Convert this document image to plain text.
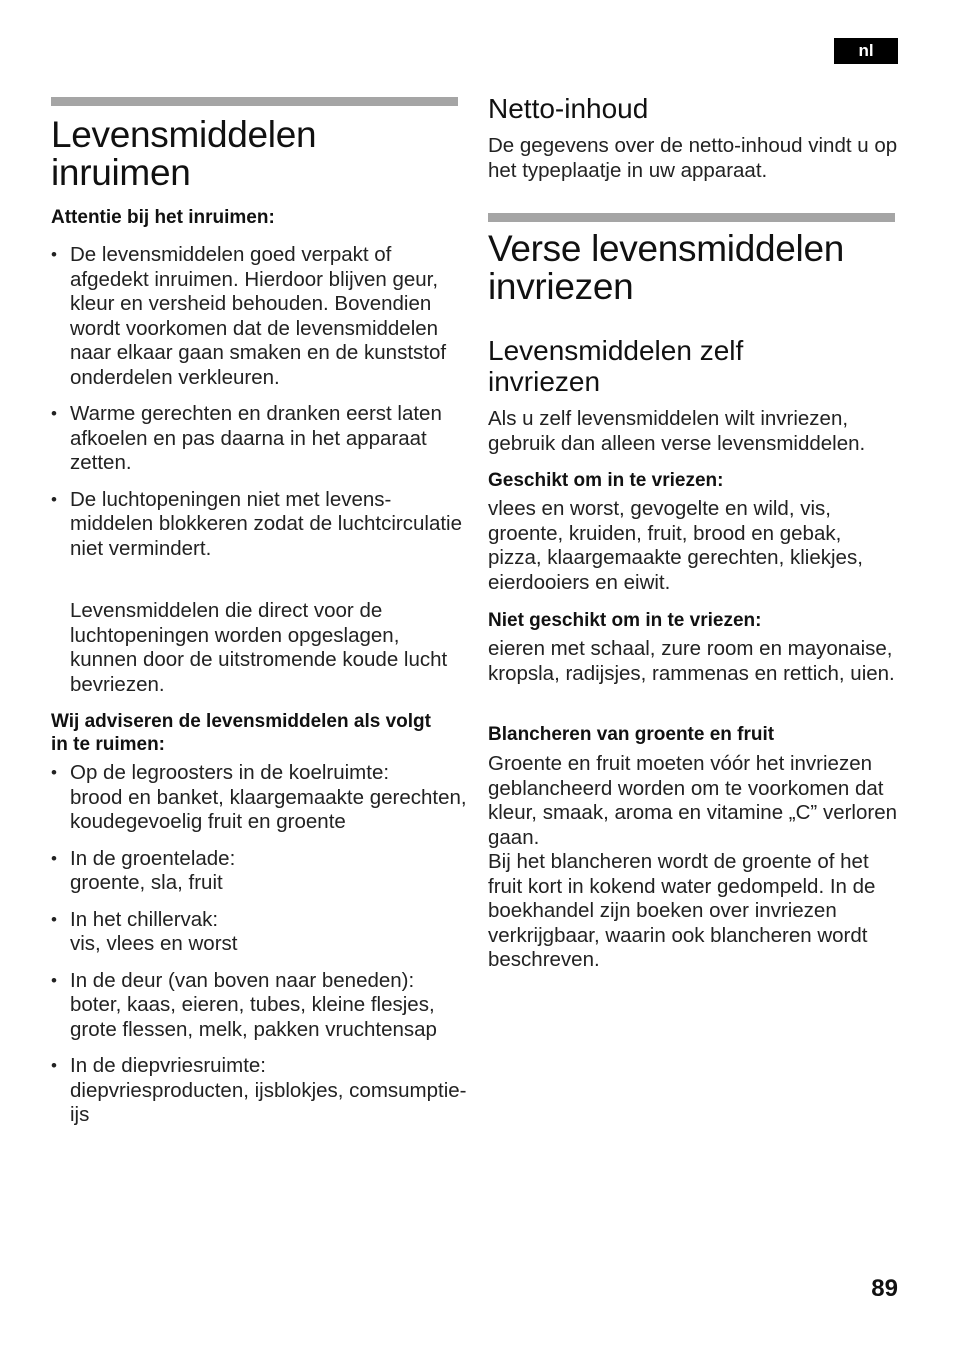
nl
Levensmiddelen
inruimen

Attentie bij het inruimen:

• De levensmiddelen goed verpakt of afgedekt inruimen. Hierdoor blijven geur, kleur en versheid behouden. Bovendien wordt voorkomen dat de levensmiddelen naar elkaar gaan smaken en de kunststof onderdelen verkleuren.
• Warme gerechten en dranken eerst laten afkoelen en pas daarna in het apparaat zetten.
• De luchtopeningen niet met levens-middelen blokkeren zodat de luchtcirculatie niet vermindert.

Levensmiddelen die direct voor de luchtopeningen worden opgeslagen, kunnen door de uitstromende koude lucht bevriezen.

Wij adviseren de levensmiddelen als volgt in te ruimen:

• Op de legroosters in de koelruimte:
brood en banket, klaargemaakte gerechten, koudegevoelig fruit en groente
• In de groentelade:
groente, sla, fruit
• In het chillervak:
vis, vlees en worst
• In de deur (van boven naar beneden):
boter, kaas, eieren, tubes, kleine flesjes, grote flessen, melk, pakken vruchtensap
• In de diepvriesruimte:
diepvriesproducten, ijsblokjes, comsumptie-ijs
Netto-inhoud

De gegevens over de netto-inhoud vindt u op het typeplaatje in uw apparaat.

Verse levensmiddelen
invriezen
Levensmiddelen zelf
invriezen

Als u zelf levensmiddelen wilt invriezen, gebruik dan alleen verse levensmiddelen.

Geschikt om in te vriezen:

vlees en worst, gevogelte en wild, vis, groente, kruiden, fruit, brood en gebak, pizza, klaargemaakte gerechten, kliekjes, eierdooiers en eiwit.

Niet geschikt om in te vriezen:

eieren met schaal, zure room en mayonaise, kropsla, radijsjes, rammenas en rettich, uien.

Blancheren van groente en fruit

Groente en fruit moeten vóór het invriezen geblancheerd worden om te voorkomen dat kleur, smaak, aroma en vitamine „C” verloren gaan.
Bij het blancheren wordt de groente of het fruit kort in kokend water gedompeld. In de boekhandel zijn boeken over invriezen verkrijgbaar, waarin ook blancheren wordt beschreven.

89
